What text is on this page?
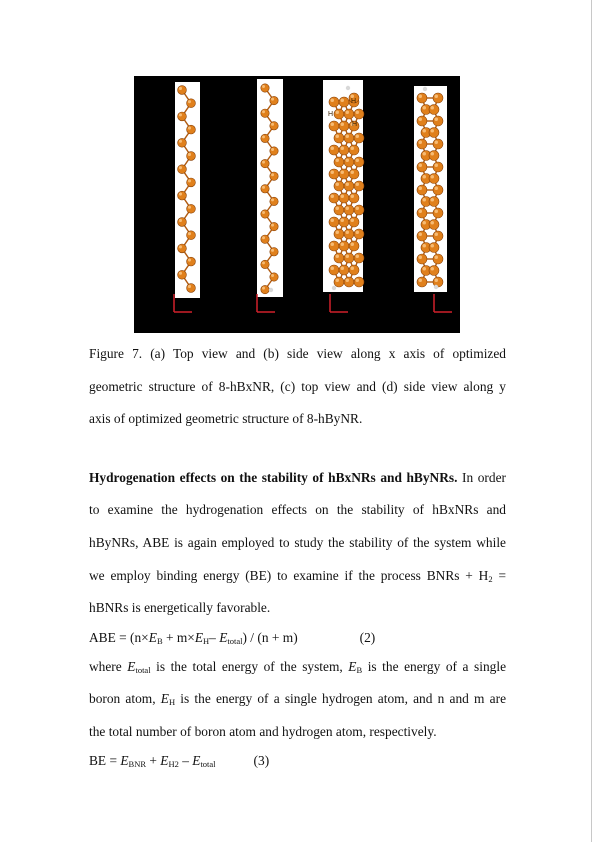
H
H
H
Figure 7. (a) Top view and (b) side view along x axis of optimized
geometric structure of 8-hBxNR, (c) top view and (d) side view along y
axis of optimized geometric structure of 8-hByNR.
Hydrogenation effects on the stability of hBxNRs and hByNRs. In order
to examine the hydrogenation effects on the stability of hBxNRs and
hByNRs, ABE is again employed to study the stability of the system while
we employ binding energy (BE) to examine if the process BNRs + $H_2$ =
hBNRs is energetically favorable.
ABE = ($n\times E_B + m\times E_H-$ $E_{total}) / (n + m)$	(2)
where $E_{total}$ is the total energy of the system, $E_B$ is the energy of a single
boron atom, $E_H$ is the energy of a single hydrogen atom, and n and m are
the total number of boron atom and hydrogen atom, respectively.
BE = $E_{BNR} + E_{H2} - E_{total}$	(3)
